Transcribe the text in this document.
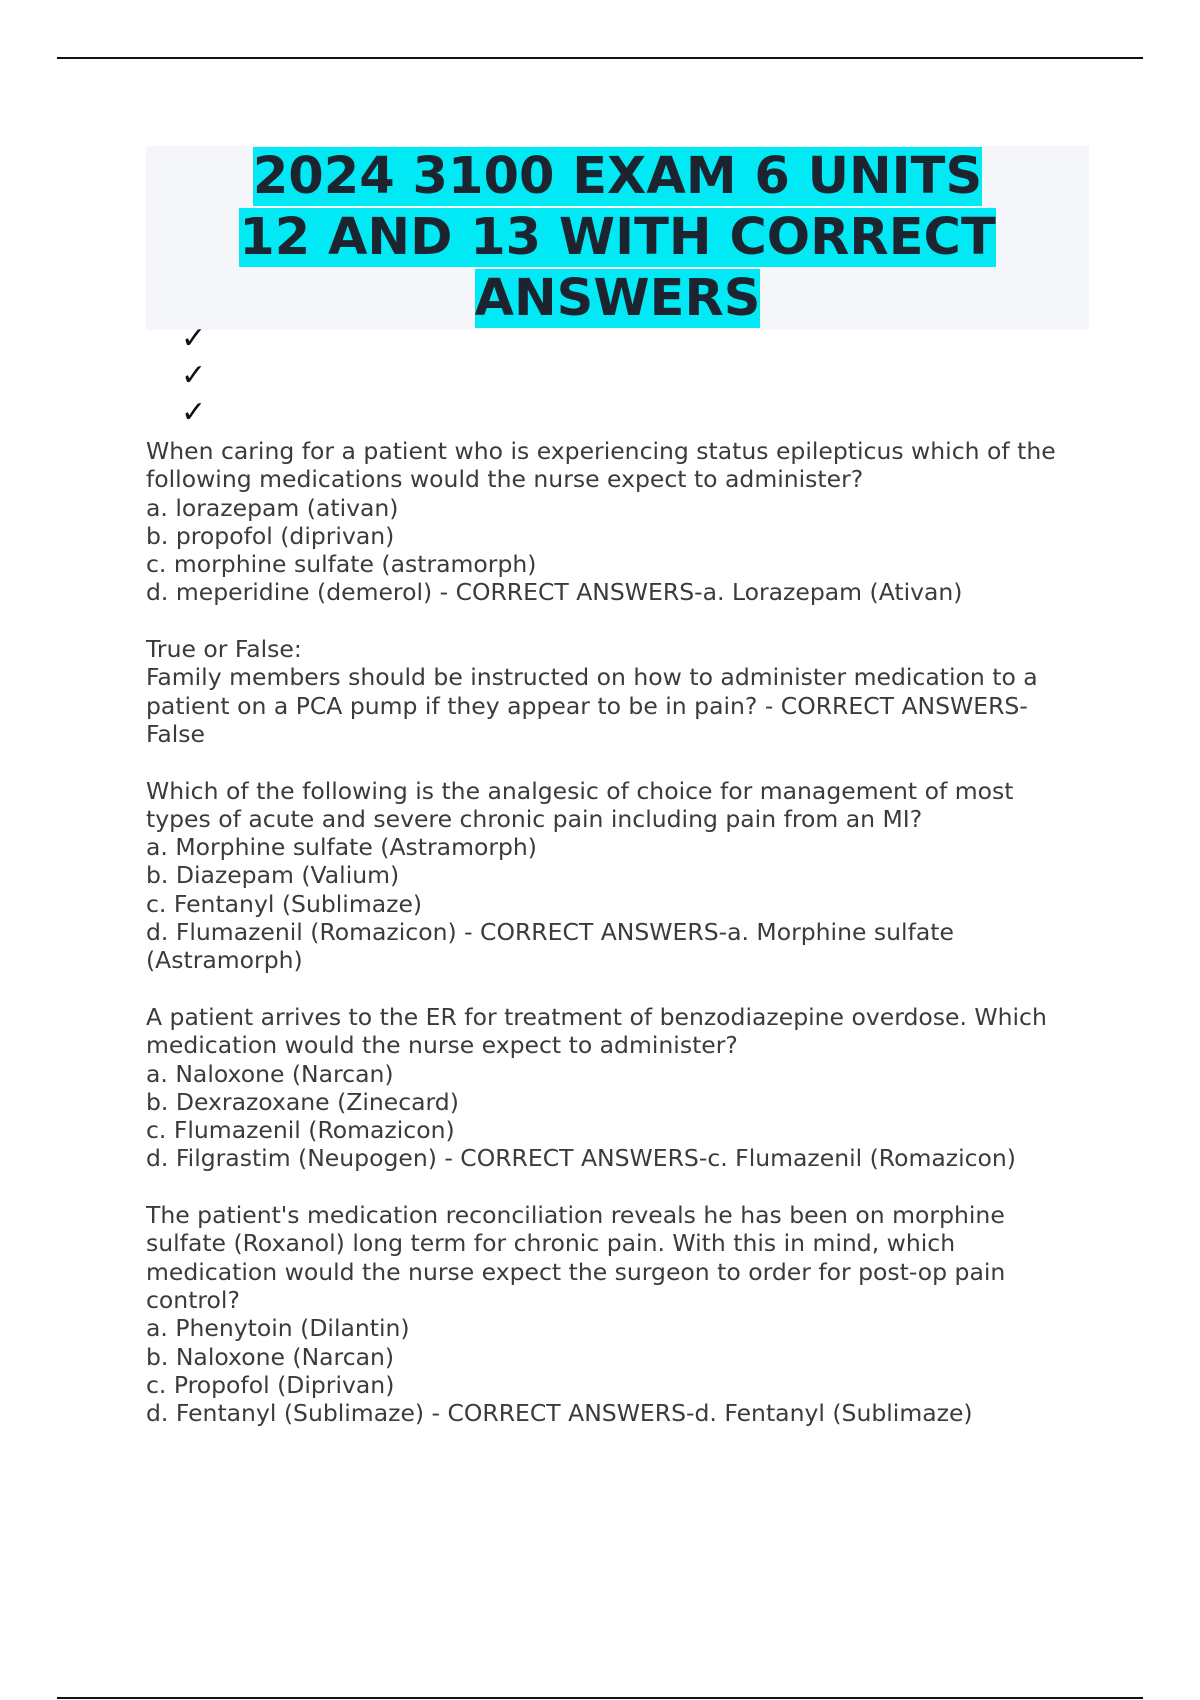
2024 3100 EXAM 6 UNITS 12 AND 13 WITH CORRECT ANSWERS
✓
✓
✓
When caring for a patient who is experiencing status epilepticus which of the
following medications would the nurse expect to administer?
a. lorazepam (ativan)
b. propofol (diprivan)
c. morphine sulfate (astramorph)
d. meperidine (demerol) - CORRECT ANSWERS-a. Lorazepam (Ativan)
True or False:
Family members should be instructed on how to administer medication to a
patient on a PCA pump if they appear to be in pain? - CORRECT ANSWERS-
False
Which of the following is the analgesic of choice for management of most
types of acute and severe chronic pain including pain from an MI?
a. Morphine sulfate (Astramorph)
b. Diazepam (Valium)
c. Fentanyl (Sublimaze)
d. Flumazenil (Romazicon) - CORRECT ANSWERS-a. Morphine sulfate
(Astramorph)
A patient arrives to the ER for treatment of benzodiazepine overdose. Which
medication would the nurse expect to administer?
a. Naloxone (Narcan)
b. Dexrazoxane (Zinecard)
c. Flumazenil (Romazicon)
d. Filgrastim (Neupogen) - CORRECT ANSWERS-c. Flumazenil (Romazicon)
The patient's medication reconciliation reveals he has been on morphine
sulfate (Roxanol) long term for chronic pain. With this in mind, which
medication would the nurse expect the surgeon to order for post-op pain
control?
a. Phenytoin (Dilantin)
b. Naloxone (Narcan)
c. Propofol (Diprivan)
d. Fentanyl (Sublimaze) - CORRECT ANSWERS-d. Fentanyl (Sublimaze)
